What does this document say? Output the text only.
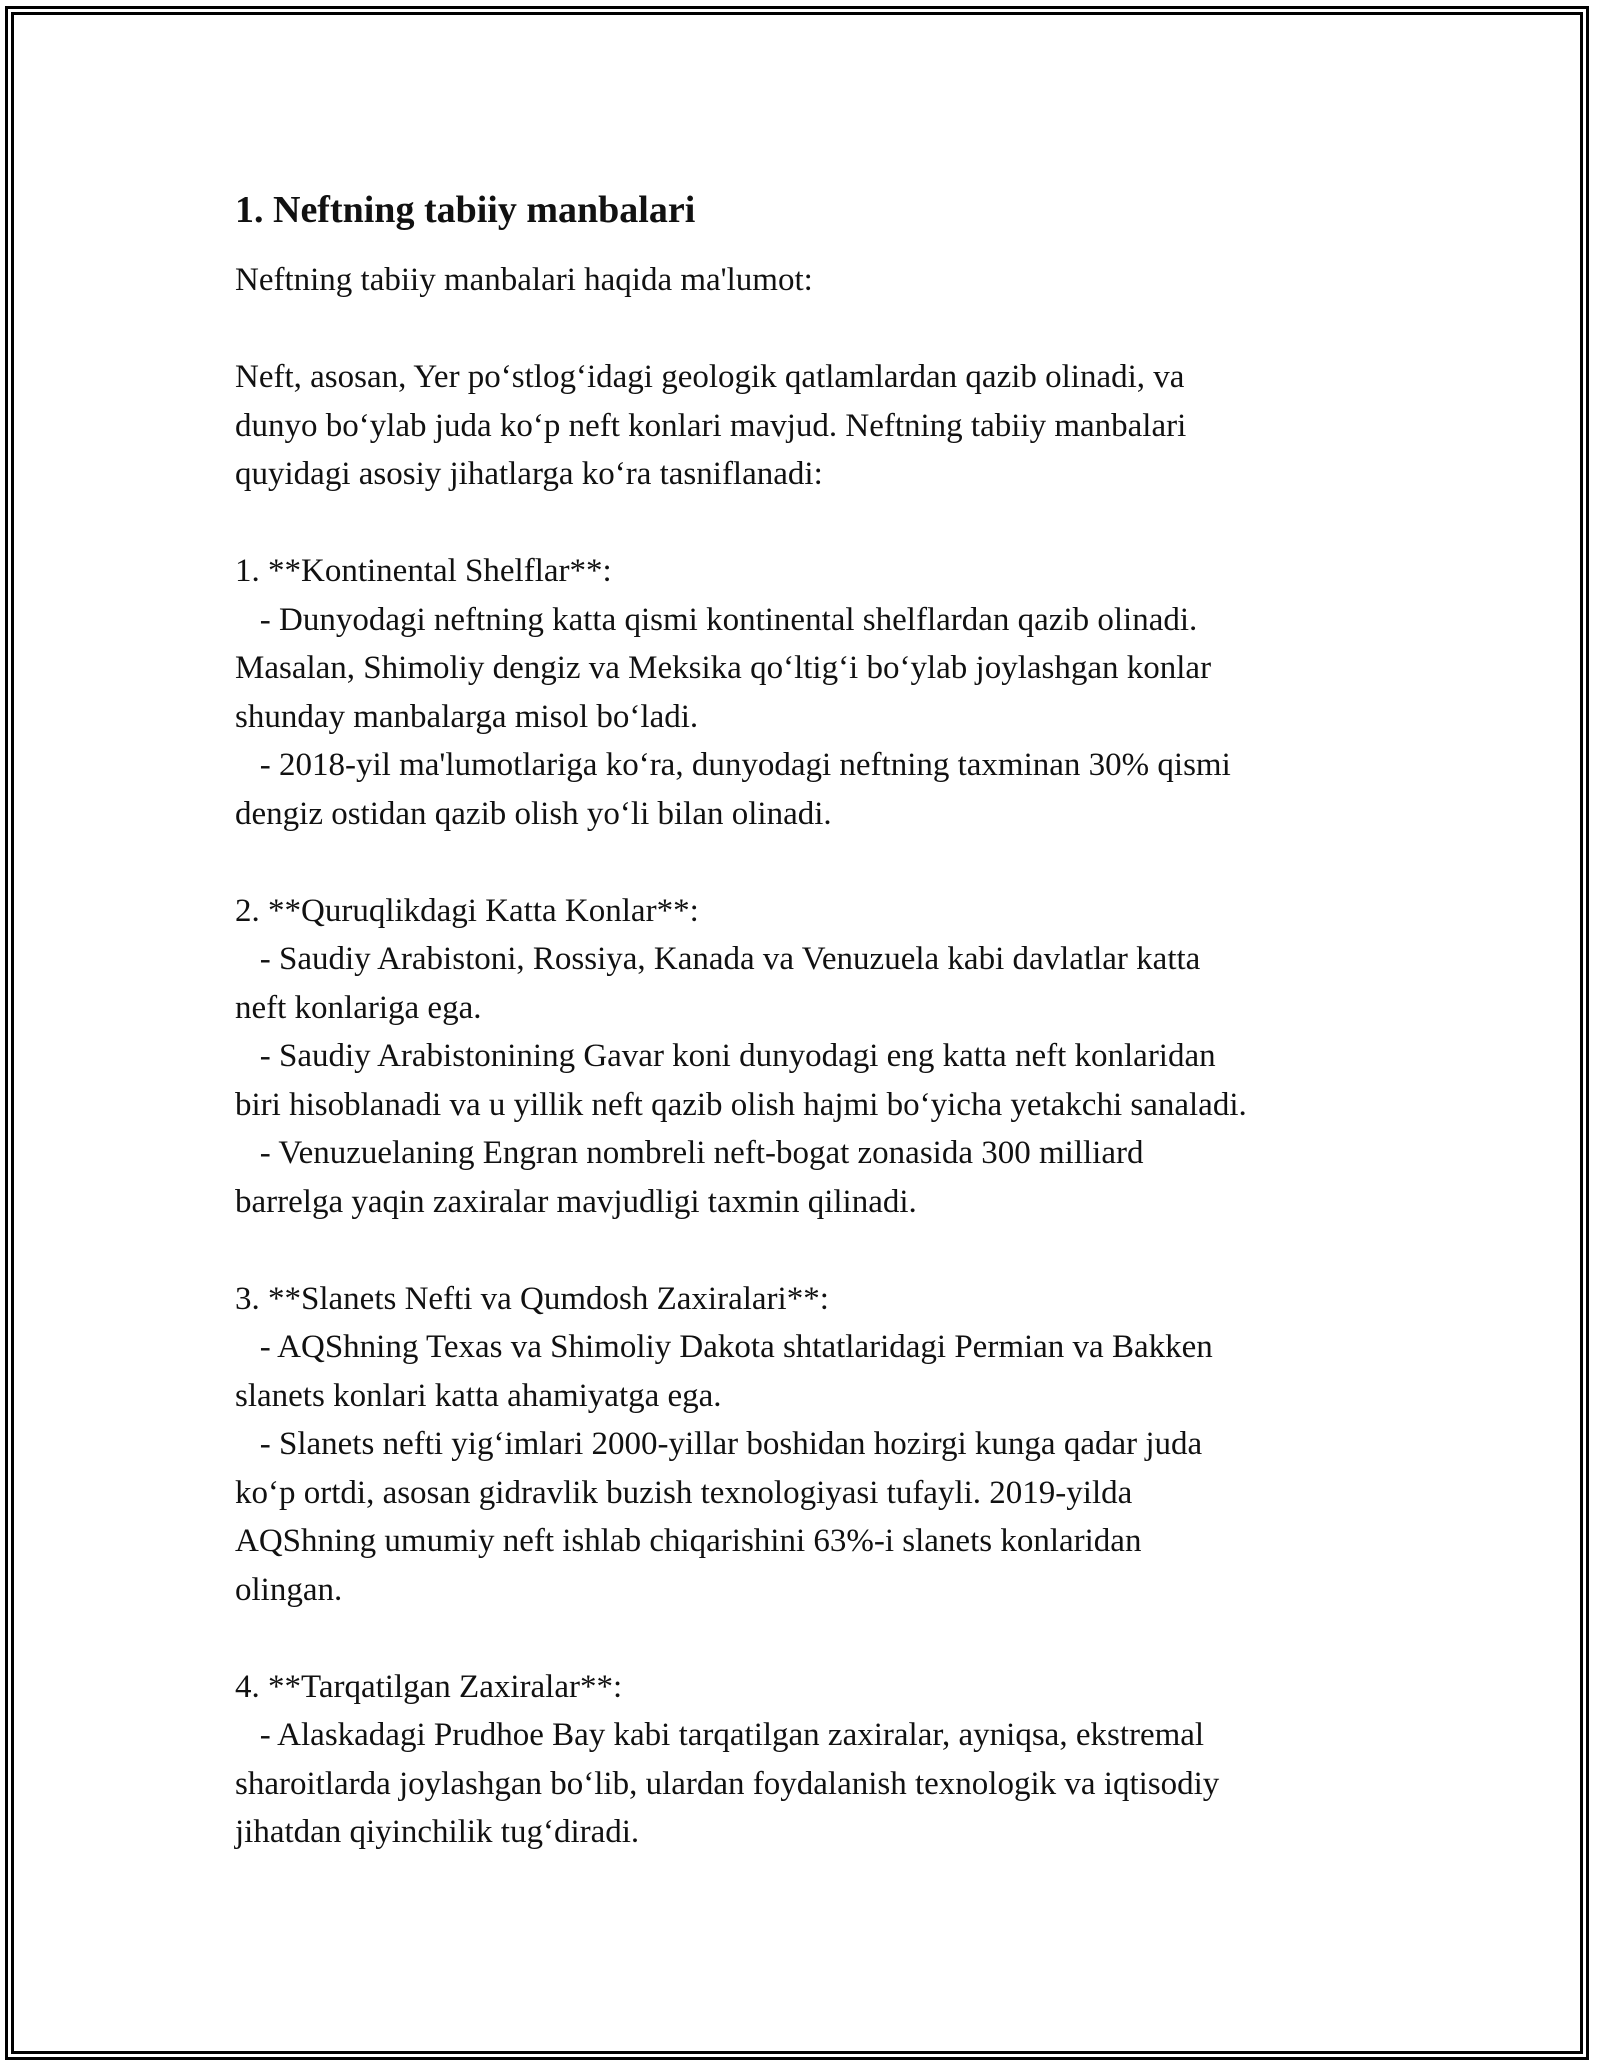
1. Neftning tabiiy manbalari
Neftning tabiiy manbalari haqida ma'lumot:
Neft, asosan, Yer po‘stlog‘idagi geologik qatlamlardan qazib olinadi, va
dunyo bo‘ylab juda ko‘p neft konlari mavjud. Neftning tabiiy manbalari
quyidagi asosiy jihatlarga ko‘ra tasniflanadi:
1. **Kontinental Shelflar**:
- Dunyodagi neftning katta qismi kontinental shelflardan qazib olinadi.
Masalan, Shimoliy dengiz va Meksika qo‘ltig‘i bo‘ylab joylashgan konlar
shunday manbalarga misol bo‘ladi.
- 2018-yil ma'lumotlariga ko‘ra, dunyodagi neftning taxminan 30% qismi
dengiz ostidan qazib olish yo‘li bilan olinadi.
2. **Quruqlikdagi Katta Konlar**:
- Saudiy Arabistoni, Rossiya, Kanada va Venuzuela kabi davlatlar katta
neft konlariga ega.
- Saudiy Arabistonining Gavar koni dunyodagi eng katta neft konlaridan
biri hisoblanadi va u yillik neft qazib olish hajmi bo‘yicha yetakchi sanaladi.
- Venuzuelaning Engran nombreli neft-bogat zonasida 300 milliard
barrelga yaqin zaxiralar mavjudligi taxmin qilinadi.
3. **Slanets Nefti va Qumdosh Zaxiralari**:
- AQShning Texas va Shimoliy Dakota shtatlaridagi Permian va Bakken
slanets konlari katta ahamiyatga ega.
- Slanets nefti yig‘imlari 2000-yillar boshidan hozirgi kunga qadar juda
ko‘p ortdi, asosan gidravlik buzish texnologiyasi tufayli. 2019-yilda
AQShning umumiy neft ishlab chiqarishini 63%-i slanets konlaridan
olingan.
4. **Tarqatilgan Zaxiralar**:
- Alaskadagi Prudhoe Bay kabi tarqatilgan zaxiralar, ayniqsa, ekstremal
sharoitlarda joylashgan bo‘lib, ulardan foydalanish texnologik va iqtisodiy
jihatdan qiyinchilik tug‘diradi.
